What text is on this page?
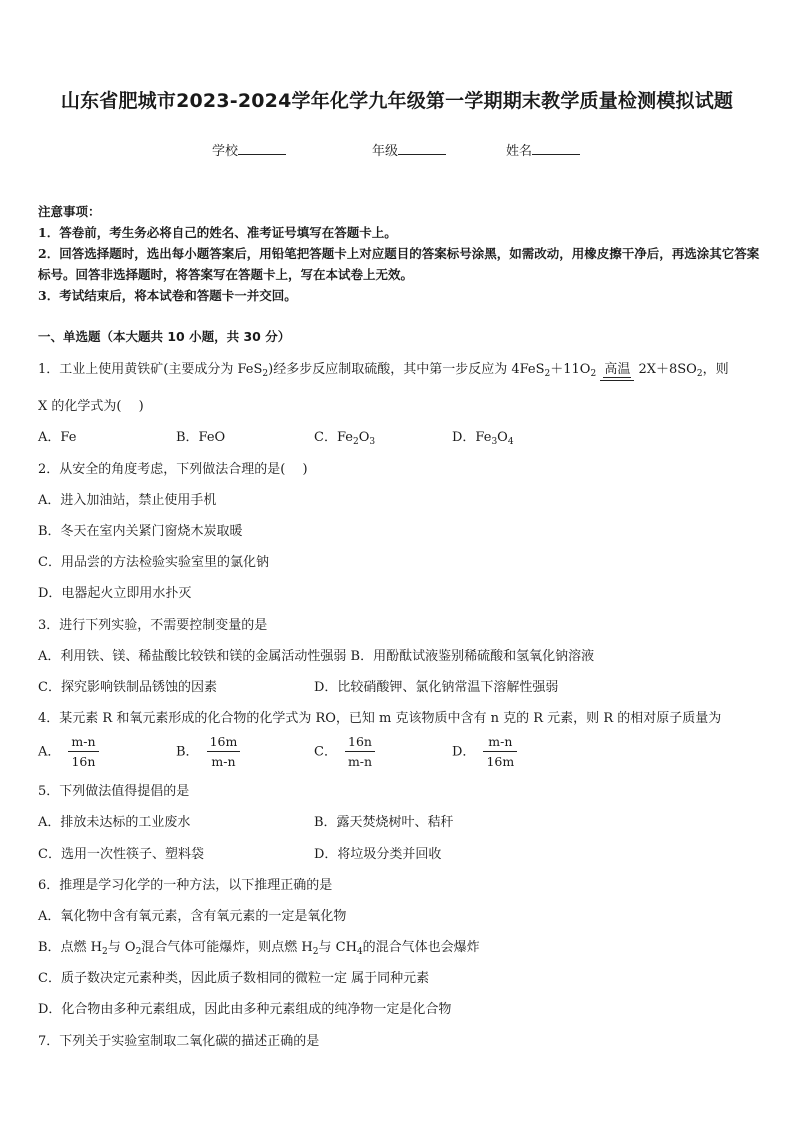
山东省肥城市2023-2024学年化学九年级第一学期期末教学质量检测模拟试题
学校	年级	姓名
注意事项：
1．答卷前，考生务必将自己的姓名、准考证号填写在答题卡上。
2．回答选择题时，选出每小题答案后，用铅笔把答题卡上对应题目的答案标号涂黑，如需改动，用橡皮擦干净后，再选涂其它答案标号。回答非选择题时，将答案写在答题卡上，写在本试卷上无效。
3．考试结束后，将本试卷和答题卡一并交回。
一、单选题（本大题共 10 小题，共 30 分）
1．工业上使用黄铁矿(主要成分为 FeS$_2$)经多步反应制取硫酸，其中第一步反应为 $4FeS_2+11O_2$ 高温 $2X+8SO_2$，则
X 的化学式为(　 )
A．Fe	B．FeO	C．$Fe_2O_3$	D．$Fe_3O_4$
2．从安全的角度考虑，下列做法合理的是(　 )
A．进入加油站，禁止使用手机
B．冬天在室内关紧门窗烧木炭取暖
C．用品尝的方法检验实验室里的氯化钠
D．电器起火立即用水扑灭
3．进行下列实验，不需要控制变量的是
A．利用铁、镁、稀盐酸比较铁和镁的金属活动性强弱 B．用酚酞试液鉴别稀硫酸和氢氧化钠溶液
C．探究影响铁制品锈蚀的因素	D．比较硝酸钾、氯化钠常温下溶解性强弱
4．某元素 R 和氧元素形成的化合物的化学式为 RO，已知 m 克该物质中含有 n 克的 R 元素，则 R 的相对原子质量为
A． $\frac{m-n}{16n}$	B． $\frac{16m}{m-n}$	C． $\frac{16n}{m-n}$	D． $\frac{m-n}{16m}$
5．下列做法值得提倡的是
A．排放未达标的工业废水	B．露天焚烧树叶、秸秆
C．选用一次性筷子、塑料袋	D．将垃圾分类并回收
6．推理是学习化学的一种方法，以下推理正确的是
A．氧化物中含有氧元素，含有氧元素的一定是氧化物
B．点燃 $H_2$与 $O_2$混合气体可能爆炸，则点燃 $H_2$与 $CH_4$的混合气体也会爆炸
C．质子数决定元素种类，因此质子数相同的微粒一定 属于同种元素
D．化合物由多种元素组成，因此由多种元素组成的纯净物一定是化合物
7．下列关于实验室制取二氧化碳的描述正确的是
